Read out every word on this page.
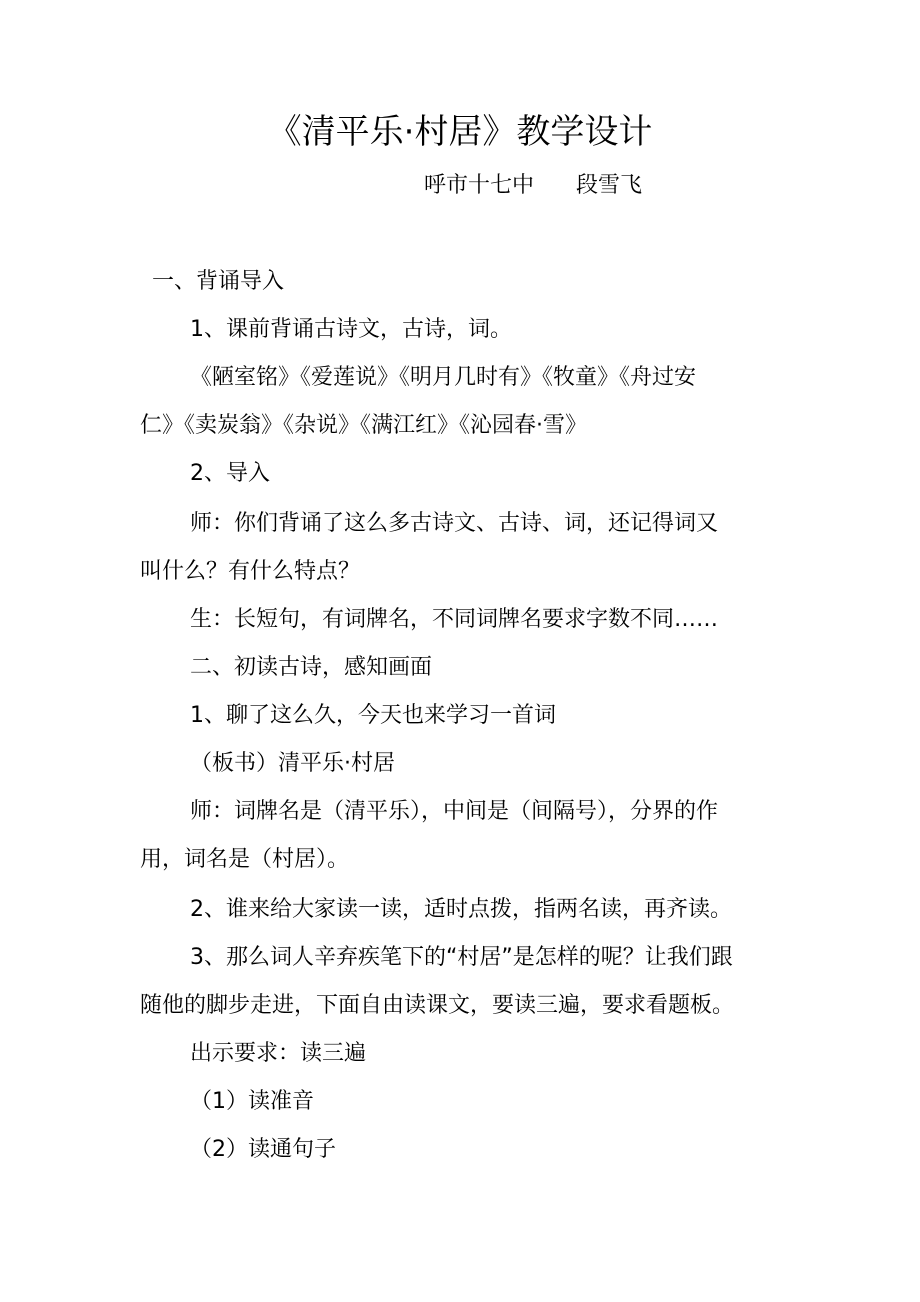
《清平乐·村居》教学设计
呼市十七中 段雪飞
一、背诵导入
1、课前背诵古诗文，古诗，词。
《陋室铭》《爱莲说》《明月几时有》《牧童》《舟过安
仁》《卖炭翁》《杂说》《满江红》《沁园春·雪》
2、导入
师：你们背诵了这么多古诗文、古诗、词，还记得词又
叫什么？有什么特点？
生：长短句，有词牌名，不同词牌名要求字数不同……
二、初读古诗，感知画面
1、聊了这么久，今天也来学习一首词
（板书）清平乐·村居
师：词牌名是（清平乐），中间是（间隔号），分界的作
用，词名是（村居）。
2、谁来给大家读一读，适时点拨，指两名读，再齐读。
3、那么词人辛弃疾笔下的“村居”是怎样的呢？让我们跟
随他的脚步走进，下面自由读课文，要读三遍，要求看题板。
出示要求：读三遍
（1）读准音
（2）读通句子
